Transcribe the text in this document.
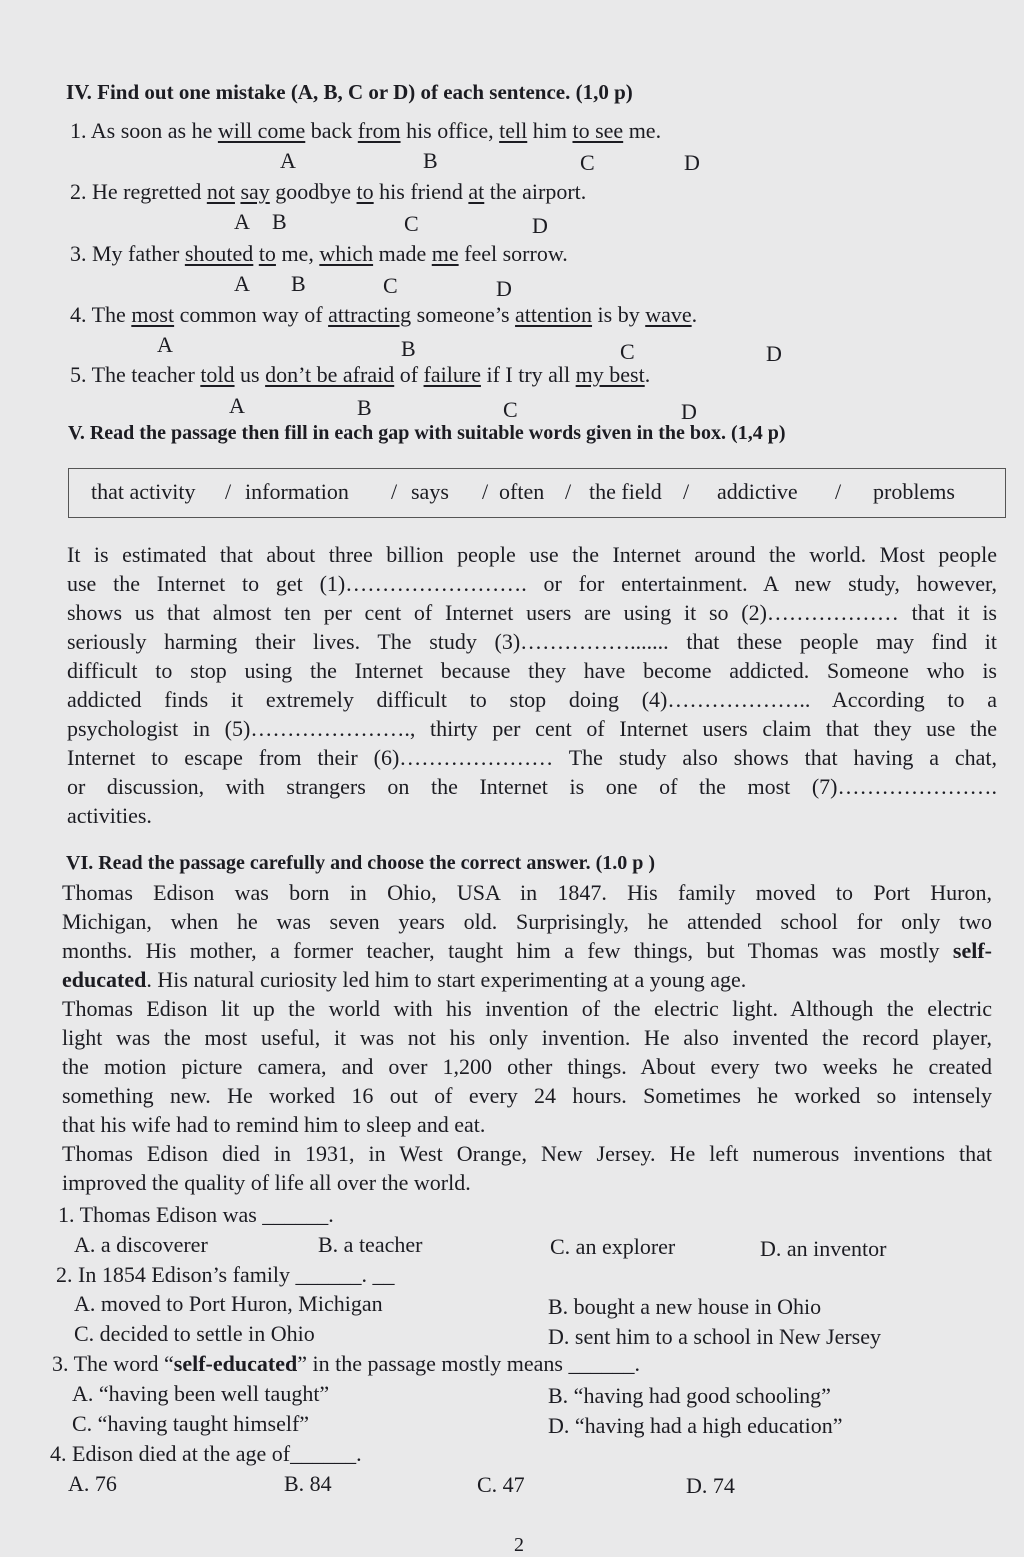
IV. Find out one mistake (A, B, C or D) of each sentence. (1,0 p)
1. As soon as he will come back from his office, tell him to see me.
A	B	C	D
2. He regretted not say goodbye to his friend at the airport.
A B	C	D
3. My father shouted to me, which made me feel sorrow.
A B	C	D
4. The most common way of attracting someone’s attention is by wave.
A	B	C	D
5. The teacher told us don’t be afraid of failure if I try all my best.
A	B	C	D
V. Read the passage then fill in each gap with suitable words given in the box. (1,4 p)
that activity / information / says / often / the field / addictive / problems
It is estimated that about three billion people use the Internet around the world. Most people
use the Internet to get (1)……………………. or for entertainment. A new study, however,
shows us that almost ten per cent of Internet users are using it so (2)……………… that it is
seriously harming their lives. The study (3)……………....... that these people may find it
difficult to stop using the Internet because they have become addicted. Someone who is
addicted finds it extremely difficult to stop doing (4)……………….. According to a
psychologist in (5)…………………., thirty per cent of Internet users claim that they use the
Internet to escape from their (6)………………… The study also shows that having a chat,
or discussion, with strangers on the Internet is one of the most (7)………………….
activities.
VI. Read the passage carefully and choose the correct answer. (1.0 p )
Thomas Edison was born in Ohio, USA in 1847. His family moved to Port Huron,
Michigan, when he was seven years old. Surprisingly, he attended school for only two
months. His mother, a former teacher, taught him a few things, but Thomas was mostly self-
educated. His natural curiosity led him to start experimenting at a young age.
Thomas Edison lit up the world with his invention of the electric light. Although the electric
light was the most useful, it was not his only invention. He also invented the record player,
the motion picture camera, and over 1,200 other things. About every two weeks he created
something new. He worked 16 out of every 24 hours. Sometimes he worked so intensely
that his wife had to remind him to sleep and eat.
Thomas Edison died in 1931, in West Orange, New Jersey. He left numerous inventions that
improved the quality of life all over the world.
1. Thomas Edison was ______.
A. a discoverer	B. a teacher	C. an explorer	D. an inventor
2. In 1854 Edison’s family ______. __
A. moved to Port Huron, Michigan	B. bought a new house in Ohio
C. decided to settle in Ohio	D. sent him to a school in New Jersey
3. The word “self-educated” in the passage mostly means ______.
A. “having been well taught”	B. “having had good schooling”
C. “having taught himself”	D. “having had a high education”
4. Edison died at the age of______.
A. 76	B. 84	C. 47	D. 74
2
